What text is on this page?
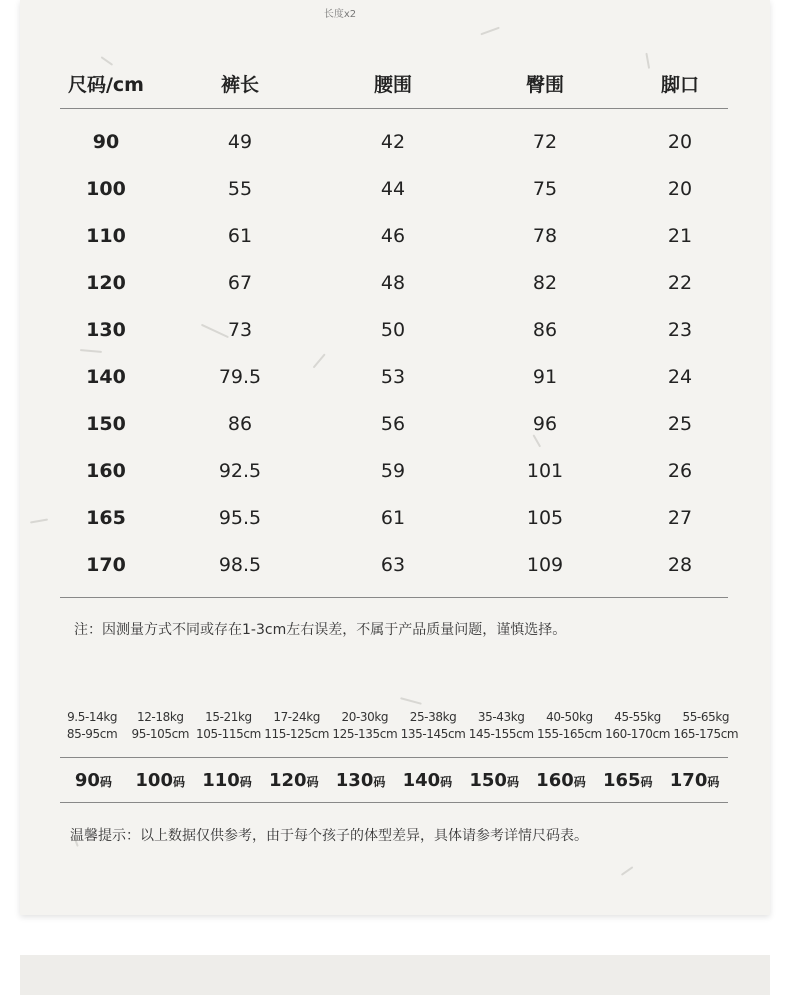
长度x2
尺码/cm	裤长	腰围	臀围	脚口
90	49	42	72	20
100	55	44	75	20
110	61	46	78	21
120	67	48	82	22
130	73	50	86	23
140	79.5	53	91	24
150	86	56	96	25
160	92.5	59	101	26
165	95.5	61	105	27
170	98.5	63	109	28
注：因测量方式不同或存在1-3cm左右误差，不属于产品质量问题，谨慎选择。
9.5-14kg	12-18kg	15-21kg	17-24kg	20-30kg	25-38kg	35-43kg	40-50kg	45-55kg	55-65kg
85-95cm	95-105cm 105-115cm 115-125cm 125-135cm 135-145cm 145-155cm 155-165cm 160-170cm 165-175cm
90码	100码 110码 120码 130码 140码 150码 160码 165码 170码
温馨提示：以上数据仅供参考，由于每个孩子的体型差异，具体请参考详情尺码表。
